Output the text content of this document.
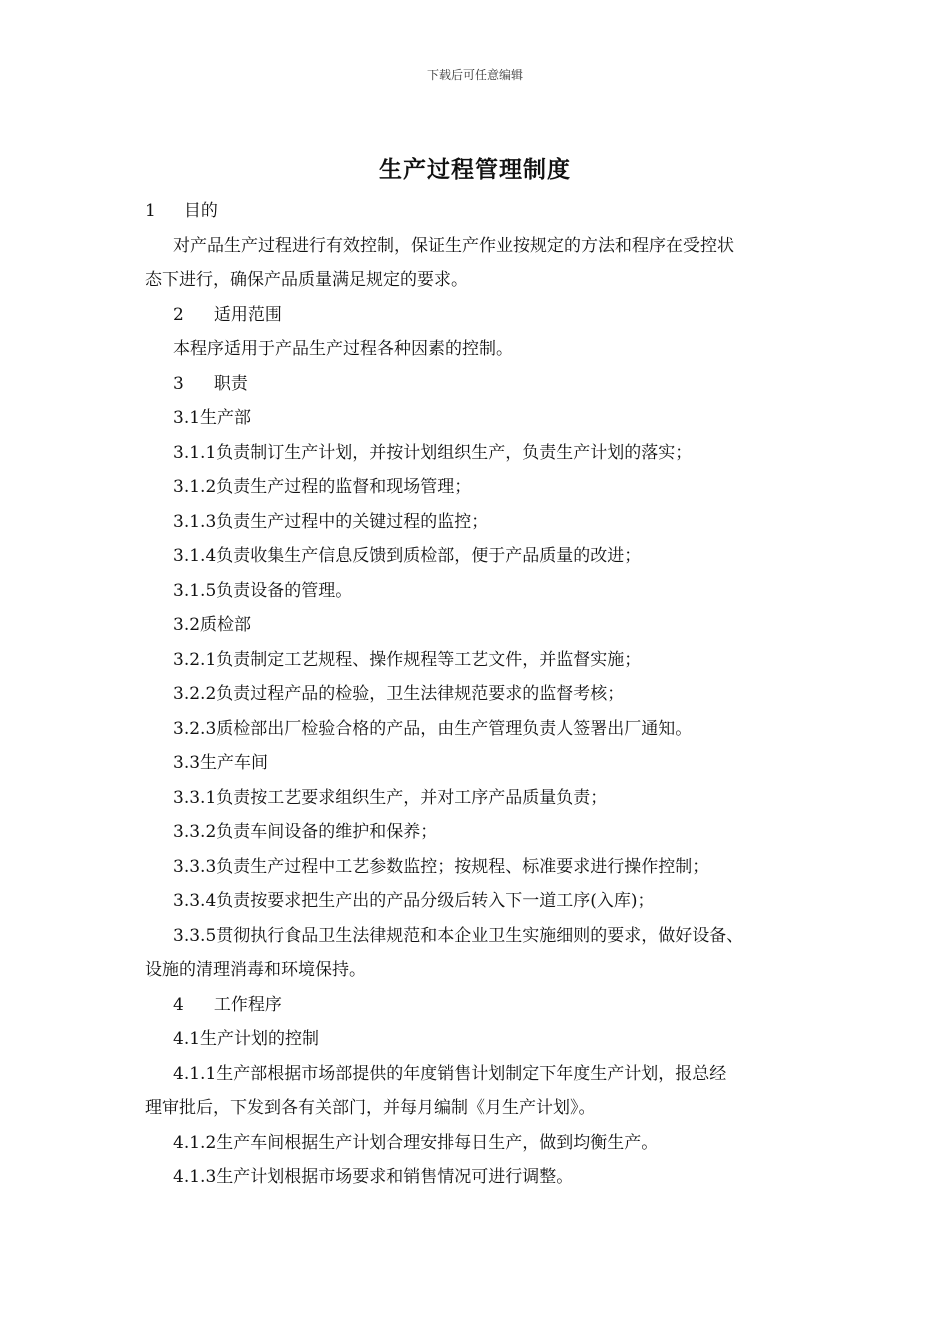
下载后可任意编辑
生产过程管理制度
1 目的
对产品生产过程进行有效控制，保证生产作业按规定的方法和程序在受控状
态下进行，确保产品质量满足规定的要求。
2 适用范围
本程序适用于产品生产过程各种因素的控制。
3 职责
3.1生产部
3.1.1负责制订生产计划，并按计划组织生产，负责生产计划的落实；
3.1.2负责生产过程的监督和现场管理；
3.1.3负责生产过程中的关键过程的监控；
3.1.4负责收集生产信息反馈到质检部，便于产品质量的改进；
3.1.5负责设备的管理。
3.2质检部
3.2.1负责制定工艺规程、操作规程等工艺文件，并监督实施；
3.2.2负责过程产品的检验，卫生法律规范要求的监督考核；
3.2.3质检部出厂检验合格的产品，由生产管理负责人签署出厂通知。
3.3生产车间
3.3.1负责按工艺要求组织生产，并对工序产品质量负责；
3.3.2负责车间设备的维护和保养；
3.3.3负责生产过程中工艺参数监控；按规程、标准要求进行操作控制；
3.3.4负责按要求把生产出的产品分级后转入下一道工序(入库)；
3.3.5贯彻执行食品卫生法律规范和本企业卫生实施细则的要求，做好设备、
设施的清理消毒和环境保持。
4 工作程序
4.1生产计划的控制
4.1.1生产部根据市场部提供的年度销售计划制定下年度生产计划，报总经
理审批后，下发到各有关部门，并每月编制《月生产计划》。
4.1.2生产车间根据生产计划合理安排每日生产，做到均衡生产。
4.1.3生产计划根据市场要求和销售情况可进行调整。
